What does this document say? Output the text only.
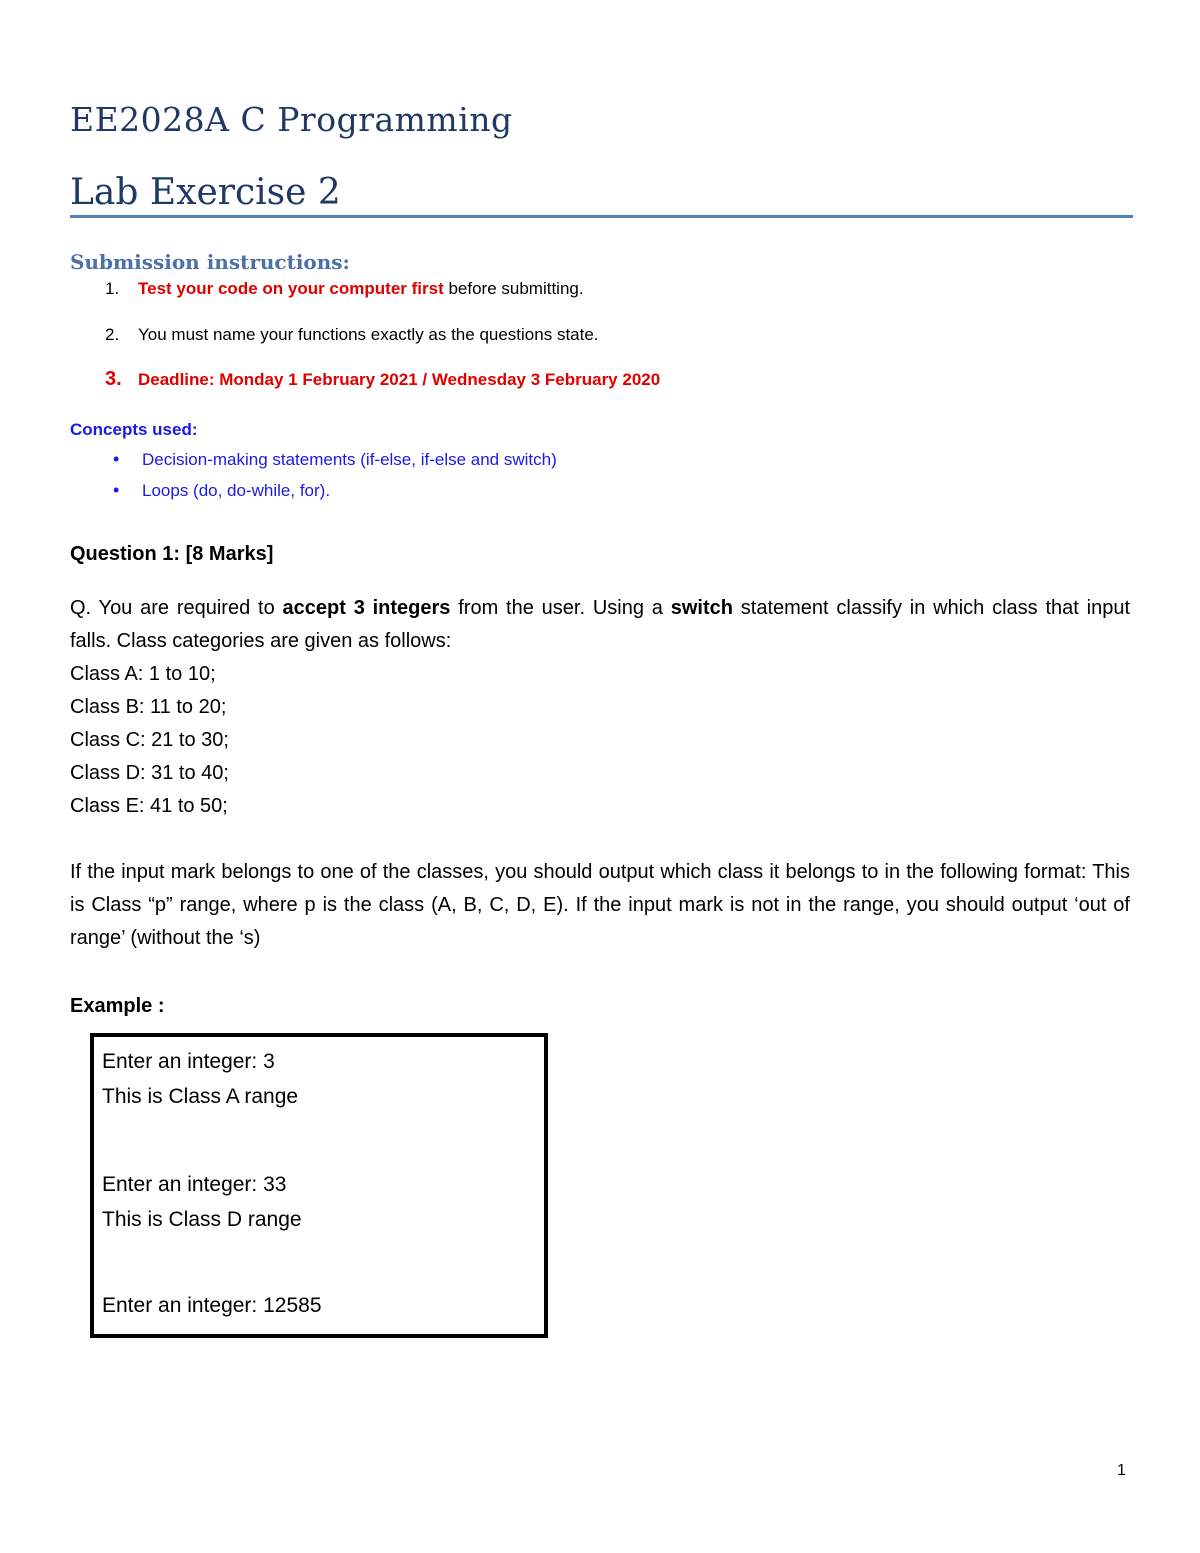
EE2028A C Programming
Lab Exercise 2
Submission instructions:
1. Test your code on your computer first before submitting.
2. You must name your functions exactly as the questions state.
3. Deadline: Monday 1 February 2021 / Wednesday 3 February 2020
Concepts used:
• Decision-making statements (if-else, if-else and switch)
• Loops (do, do-while, for).
Question 1: [8 Marks]
Q. You are required to accept 3 integers from the user. Using a switch statement classify in which class that input falls. Class categories are given as follows:
Class A: 1 to 10;
Class B: 11 to 20;
Class C: 21 to 30;
Class D: 31 to 40;
Class E: 41 to 50;
If the input mark belongs to one of the classes, you should output which class it belongs to in the following format: This is Class “p” range, where p is the class (A, B, C, D, E). If the input mark is not in the range, you should output ‘out of range’ (without the ‘s)
Example :
Enter an integer: 3
This is Class A range
Enter an integer: 33
This is Class D range
Enter an integer: 12585
1
